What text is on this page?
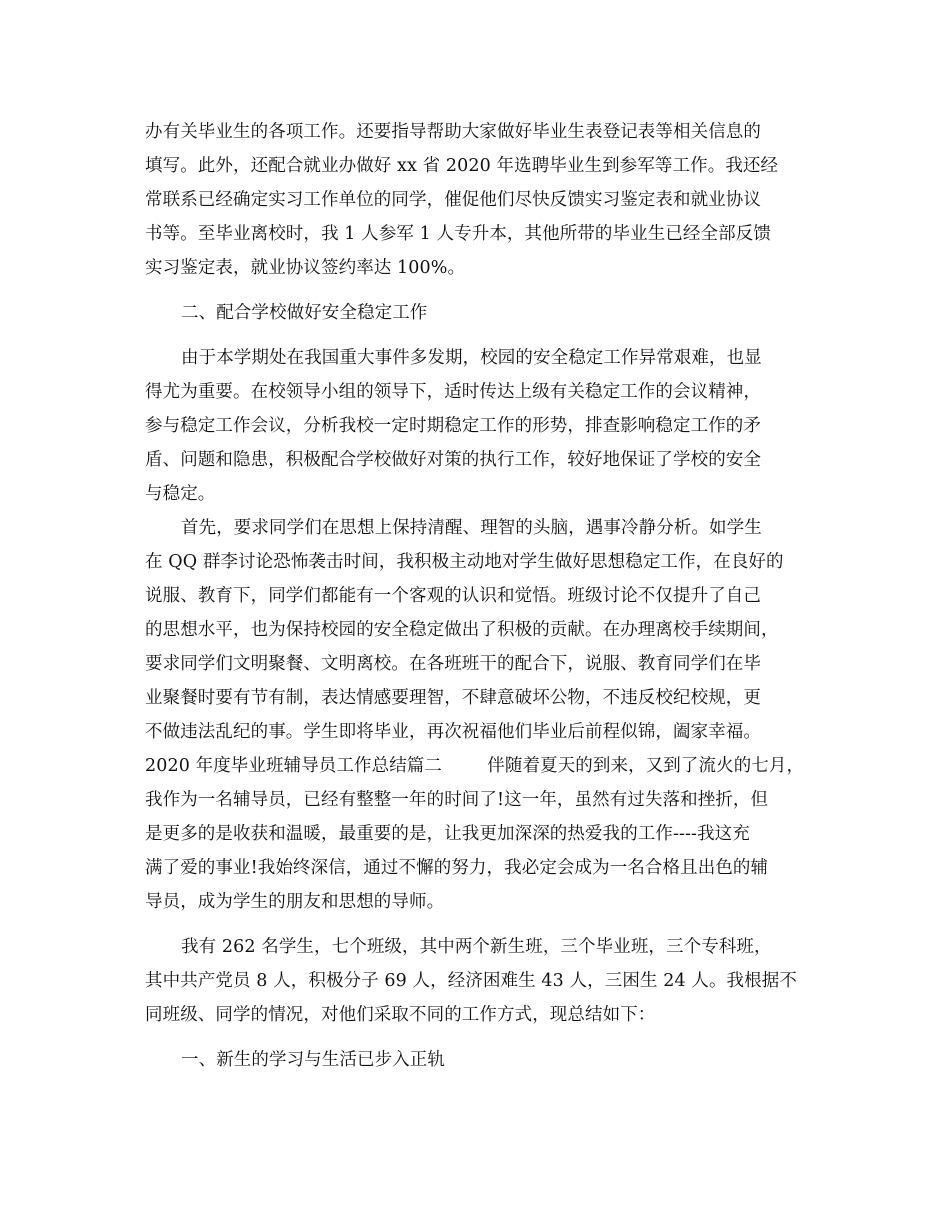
办有关毕业生的各项工作。还要指导帮助大家做好毕业生表登记表等相关信息的
填写。此外，还配合就业办做好 xx 省 2020 年选聘毕业生到参军等工作。我还经
常联系已经确定实习工作单位的同学，催促他们尽快反馈实习鉴定表和就业协议
书等。至毕业离校时，我 1 人参军 1 人专升本，其他所带的毕业生已经全部反馈
实习鉴定表，就业协议签约率达 100%。
二、配合学校做好安全稳定工作
由于本学期处在我国重大事件多发期，校园的安全稳定工作异常艰难，也显
得尤为重要。在校领导小组的领导下，适时传达上级有关稳定工作的会议精神，
参与稳定工作会议，分析我校一定时期稳定工作的形势，排查影响稳定工作的矛
盾、问题和隐患，积极配合学校做好对策的执行工作，较好地保证了学校的安全
与稳定。
首先，要求同学们在思想上保持清醒、理智的头脑，遇事冷静分析。如学生
在 QQ 群李讨论恐怖袭击时间，我积极主动地对学生做好思想稳定工作，在良好的
说服、教育下，同学们都能有一个客观的认识和觉悟。班级讨论不仅提升了自己
的思想水平，也为保持校园的安全稳定做出了积极的贡献。在办理离校手续期间，
要求同学们文明聚餐、文明离校。在各班班干的配合下，说服、教育同学们在毕
业聚餐时要有节有制，表达情感要理智，不肆意破坏公物，不违反校纪校规，更
不做违法乱纪的事。学生即将毕业，再次祝福他们毕业后前程似锦，阖家幸福。
2020 年度毕业班辅导员工作总结篇二        伴随着夏天的到来，又到了流火的七月，
我作为一名辅导员，已经有整整一年的时间了!这一年，虽然有过失落和挫折，但
是更多的是收获和温暖，最重要的是，让我更加深深的热爱我的工作----我这充
满了爱的事业!我始终深信，通过不懈的努力，我必定会成为一名合格且出色的辅
导员，成为学生的朋友和思想的导师。
我有 262 名学生，七个班级，其中两个新生班，三个毕业班，三个专科班，
其中共产党员 8 人，积极分子 69 人，经济困难生 43 人，三困生 24 人。我根据不
同班级、同学的情况，对他们采取不同的工作方式，现总结如下：
一、新生的学习与生活已步入正轨
